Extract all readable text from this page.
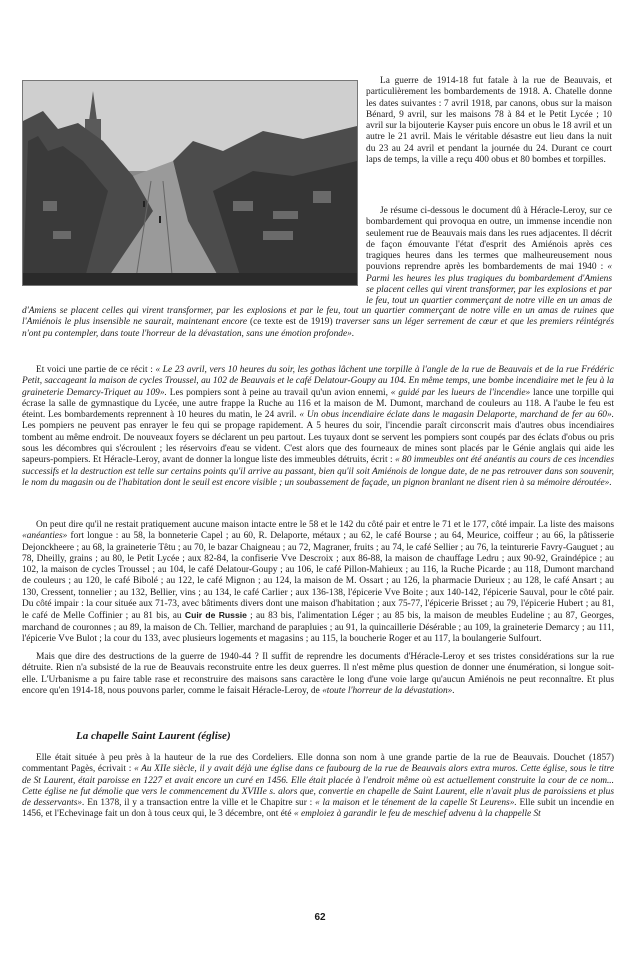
La guerre de 1914-18 fut fatale à la rue de Beauvais, et particulièrement les bombardements de 1918. A. Chatelle donne les dates suivantes : 7 avril 1918, par canons, obus sur la maison Bénard, 9 avril, sur les maisons 78 à 84 et le Petit Lycée ; 10 avril sur la bijouterie Kayser puis encore un obus le 18 avril et un autre le 21 avril. Mais le véritable désastre eut lieu dans la nuit du 23 au 24 avril et pendant la journée du 24. Durant ce court laps de temps, la ville a reçu 400 obus et 80 bombes et torpilles.

Je résume ci-dessous le document dû à Héracle-Leroy, sur ce bombardement qui provoqua en outre, un immense incendie non seulement rue de Beauvais mais dans les rues adjacentes. Il décrit de façon émouvante l'état d'esprit des Amiénois après ces tragiques heures dans les termes que malheureusement nous pouvions reprendre après les bombardements de mai 1940 : « Parmi les heures les plus tragiques du bombardement d'Amiens se placent celles qui virent transformer, par les explosions et par le feu, tout un quartier commerçant de notre ville en un amas de

d'Amiens se placent celles qui virent transformer, par les explosions et par le feu, tout un quartier commerçant de notre ville en un amas de ruines que l'Amiénois le plus insensible ne saurait, maintenant encore (ce texte est de 1919) traverser sans un léger serrement de cœur et que les premiers réintégrés n'ont pu contempler, dans toute l'horreur de la dévastation, sans une émotion profonde».

Et voici une partie de ce récit : « Le 23 avril, vers 10 heures du soir, les gothas lâchent une torpille à l'angle de la rue de Beauvais et de la rue Frédéric Petit, saccageant la maison de cycles Troussel, au 102 de Beauvais et le café Delatour-Goupy au 104. En même temps, une bombe incendiaire met le feu à la graineterie Demarcy-Triquet au 109». Les pompiers sont à peine au travail qu'un avion ennemi, « guidé par les lueurs de l'incendie» lance une torpille qui écrase la salle de gymnastique du Lycée, une autre frappe la Ruche au 116 et la maison de M. Dumont, marchand de couleurs au 118. A l'aube le feu est éteint. Les bombardements reprennent à 10 heures du matin, le 24 avril. « Un obus incendiaire éclate dans le magasin Delaporte, marchand de fer au 60». Les pompiers ne peuvent pas enrayer le feu qui se propage rapidement. A 5 heures du soir, l'incendie paraît circonscrit mais d'autres obus incendiaires tombent au même endroit. De nouveaux foyers se déclarent un peu partout. Les tuyaux dont se servent les pompiers sont coupés par des éclats d'obus ou pris sous les décombres qui s'écroulent ; les réservoirs d'eau se vident. C'est alors que des fourneaux de mines sont placés par le Génie anglais qui aide les sapeurs-pompiers. Et Héracle-Leroy, avant de donner la longue liste des immeubles détruits, écrit : « 80 immeubles ont été anéantis au cours de ces incendies successifs et la destruction est telle sur certains points qu'il arrive au passant, bien qu'il soit Amiénois de longue date, de ne pas retrouver dans son souvenir, le nom du magasin ou de l'habitation dont le seuil est encore visible ; un soubassement de façade, un pignon branlant ne disent rien à sa mémoire déroutée».

On peut dire qu'il ne restait pratiquement aucune maison intacte entre le 58 et le 142 du côté pair et entre le 71 et le 177, côté impair. La liste des maisons «anéanties» fort longue : au 58, la bonneterie Capel ; au 60, R. Delaporte, métaux ; au 62, le café Bourse ; au 64, Meurice, coiffeur ; au 66, la pâtisserie Dejonckheere ; au 68, la graineterie Têtu ; au 70, le bazar Chaigneau ; au 72, Magraner, fruits ; au 74, le café Sellier ; au 76, la teinturerie Favry-Gauguet ; au 78, Dheilly, grains ; au 80, le Petit Lycée ; aux 82-84, la confiserie Vve Descroix ; aux 86-88, la maison de chauffage Ledru ; aux 90-92, Graindépice ; au 102, la maison de cycles Troussel ; au 104, le café Delatour-Goupy ; au 106, le café Pillon-Mahieux ; au 116, la Ruche Picarde ; au 118, Dumont marchand de couleurs ; au 120, le café Bibolé ; au 122, le café Mignon ; au 124, la maison de M. Ossart ; au 126, la pharmacie Durieux ; au 128, le café Ansart ; au 130, Cressent, tonnelier ; au 132, Bellier, vins ; au 134, le café Carlier ; aux 136-138, l'épicerie Vve Boite ; aux 140-142, l'épicerie Sauval, pour le côté pair. Du côté impair : la cour située aux 71-73, avec bâtiments divers dont une maison d'habitation ; aux 75-77, l'épicerie Brisset ; au 79, l'épicerie Hubert ; au 81, le café de Melle Coffinier ; au 81 bis, au Cuir de Russie ; au 83 bis, l'alimentation Léger ; au 85 bis, la maison de meubles Eudeline ; au 87, Georges, marchand de couronnes ; au 89, la maison de Ch. Tellier, marchand de parapluies ; au 91, la quincaillerie Désérable ; au 109, la graineterie Demarcy ; au 111, l'épicerie Vve Bulot ; la cour du 133, avec plusieurs logements et magasins ; au 115, la boucherie Roger et au 117, la boulangerie Sulfourt.

Mais que dire des destructions de la guerre de 1940-44 ? Il suffit de reprendre les documents d'Héracle-Leroy et ses tristes considérations sur la rue détruite. Rien n'a subsisté de la rue de Beauvais reconstruite entre les deux guerres. Il n'est même plus question de donner une énumération, si longue soit-elle. L'Urbanisme a pu faire table rase et reconstruire des maisons sans caractère le long d'une voie large qu'aucun Amiénois ne peut reconnaître. Et plus encore qu'en 1914-18, nous pouvons parler, comme le faisait Héracle-Leroy, de «toute l'horreur de la dévastation».

La chapelle Saint Laurent (église)

Elle était située à peu près à la hauteur de la rue des Cordeliers. Elle donna son nom à une grande partie de la rue de Beauvais. Douchet (1857) commentant Pagès, écrivait : « Au XIIe siècle, il y avait déjà une église dans ce faubourg de la rue de Beauvais alors extra muros. Cette église, sous le titre de St Laurent, était paroisse en 1227 et avait encore un curé en 1456. Elle était placée à l'endroit même où est actuellement construite la cour de ce nom... Cette église ne fut démolie que vers le commencement du XVIIIe s. alors que, convertie en chapelle de Saint Laurent, elle n'avait plus de paroissiens et plus de desservants». En 1378, il y a transaction entre la ville et le Chapitre sur : « la maison et le ténement de la capelle St Leurens». Elle subit un incendie en 1456, et l'Echevinage fait un don à tous ceux qui, le 3 décembre, ont été « emploiez à garandir le feu de meschief advenu à la chappelle St

62
